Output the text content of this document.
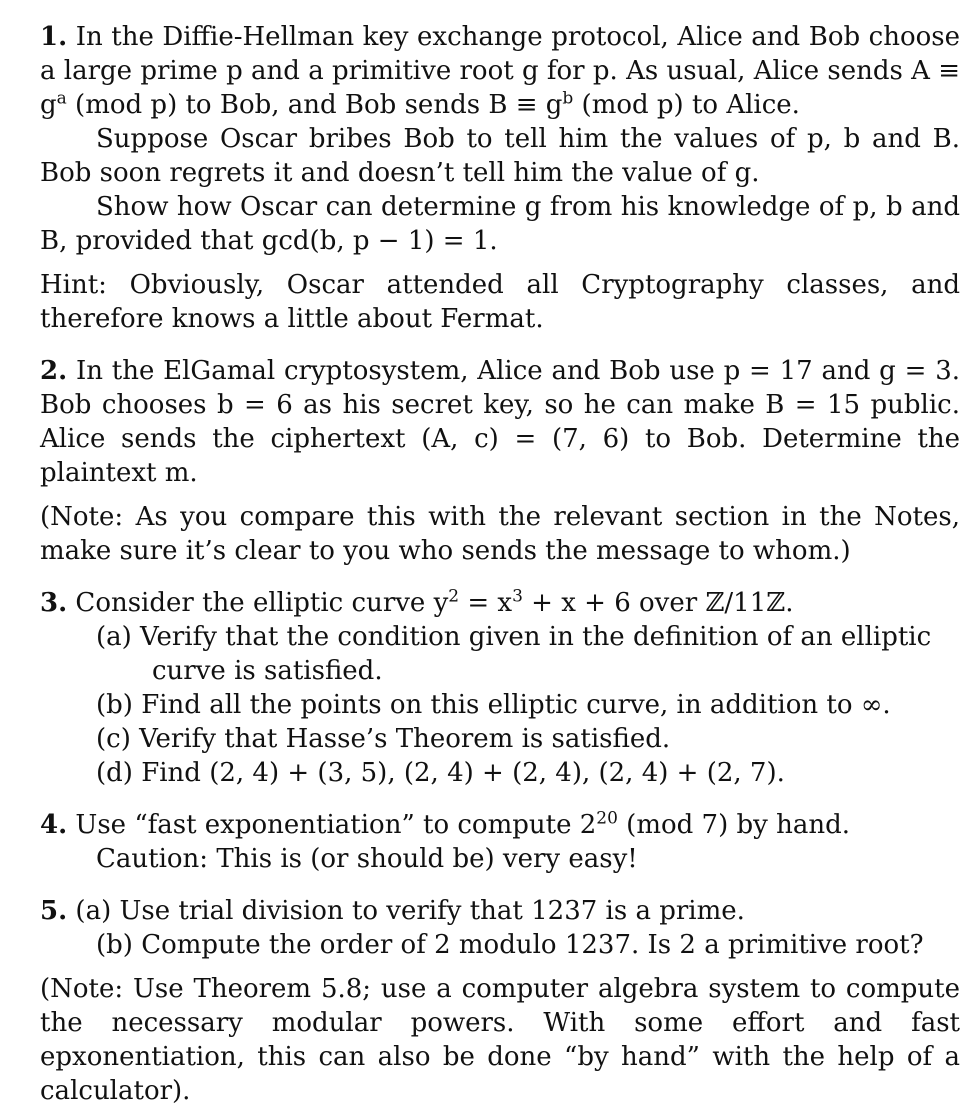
1. In the Diffie-Hellman key exchange protocol, Alice and Bob choose a large prime p and a primitive root g for p. As usual, Alice sends $A \equiv g^a$ (mod p) to Bob, and Bob sends $B \equiv g^b$ (mod p) to Alice.

Suppose Oscar bribes Bob to tell him the values of p, b and B. Bob soon regrets it and doesn’t tell him the value of g.

Show how Oscar can determine g from his knowledge of p, b and B, provided that gcd(b, p − 1) = 1.

Hint: Obviously, Oscar attended all Cryptography classes, and therefore knows a little about Fermat.

2. In the ElGamal cryptosystem, Alice and Bob use p = 17 and g = 3. Bob chooses b = 6 as his secret key, so he can make B = 15 public. Alice sends the ciphertext (A, c) = (7, 6) to Bob. Determine the plaintext m.

(Note: As you compare this with the relevant section in the Notes, make sure it’s clear to you who sends the message to whom.)

3. Consider the elliptic curve $y^2 = x^3 + x + 6$ over ℤ/11ℤ.

(a) Verify that the condition given in the definition of an elliptic

curve is satisfied.

(b) Find all the points on this elliptic curve, in addition to ∞.

(c) Verify that Hasse’s Theorem is satisfied.

(d) Find (2, 4) + (3, 5), (2, 4) + (2, 4), (2, 4) + (2, 7).

4. Use “fast exponentiation” to compute $2^{20}$ (mod 7) by hand.

Caution: This is (or should be) very easy!

5. (a) Use trial division to verify that 1237 is a prime.

(b) Compute the order of 2 modulo 1237. Is 2 a primitive root?

(Note: Use Theorem 5.8; use a computer algebra system to compute the necessary modular powers. With some effort and fast epxonentiation, this can also be done “by hand” with the help of a calculator).
